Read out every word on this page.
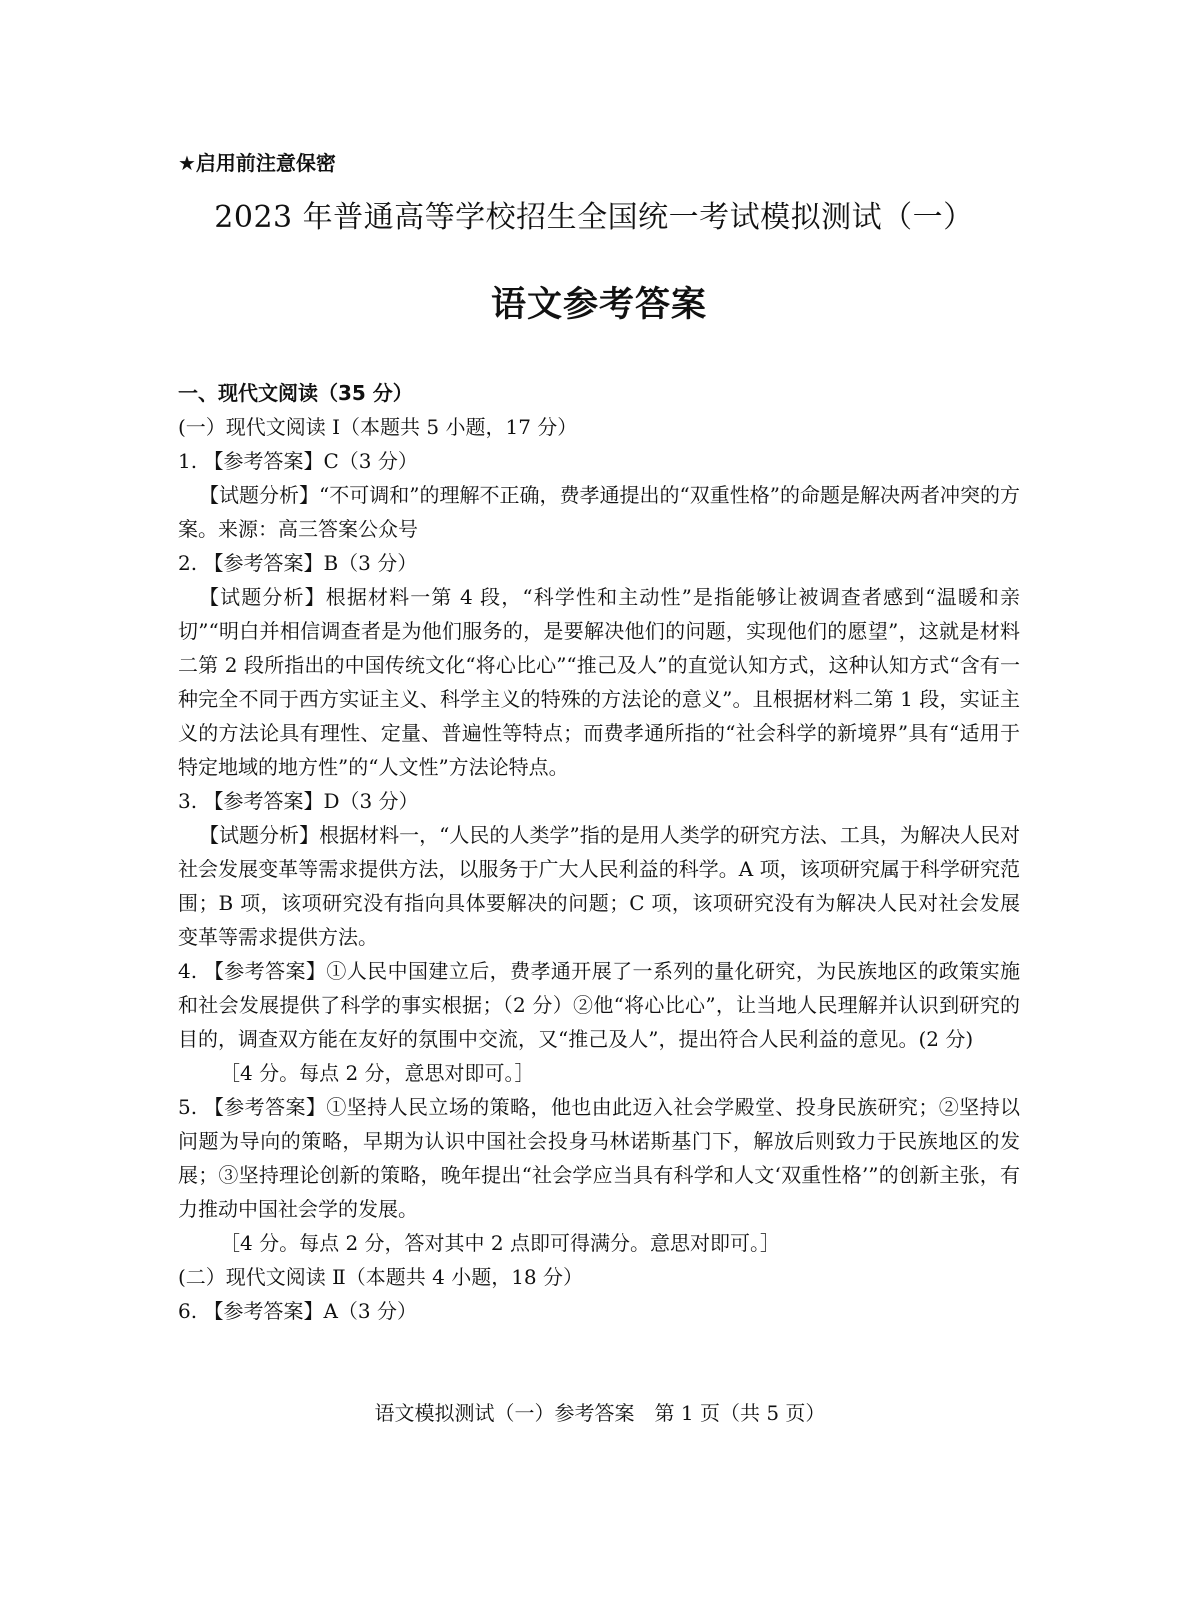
★启用前注意保密
2023 年普通高等学校招生全国统一考试模拟测试（一）
语文参考答案
一、现代文阅读（35 分）
(一）现代文阅读 Ⅰ（本题共 5 小题，17 分）
1. 【参考答案】C（3 分）
【试题分析】“不可调和”的理解不正确，费孝通提出的“双重性格”的命题是解决两者冲突的方案。来源：高三答案公众号
2. 【参考答案】B（3 分）
【试题分析】根据材料一第 4 段，“科学性和主动性”是指能够让被调查者感到“温暖和亲切”“明白并相信调查者是为他们服务的，是要解决他们的问题，实现他们的愿望”，这就是材料二第 2 段所指出的中国传统文化“将心比心”“推己及人”的直觉认知方式，这种认知方式“含有一种完全不同于西方实证主义、科学主义的特殊的方法论的意义”。且根据材料二第 1 段，实证主义的方法论具有理性、定量、普遍性等特点；而费孝通所指的“社会科学的新境界”具有“适用于特定地域的地方性”的“人文性”方法论特点。
3. 【参考答案】D（3 分）
【试题分析】根据材料一，“人民的人类学”指的是用人类学的研究方法、工具，为解决人民对社会发展变革等需求提供方法，以服务于广大人民利益的科学。A 项，该项研究属于科学研究范围；B 项，该项研究没有指向具体要解决的问题；C 项，该项研究没有为解决人民对社会发展变革等需求提供方法。
4. 【参考答案】①人民中国建立后，费孝通开展了一系列的量化研究，为民族地区的政策实施和社会发展提供了科学的事实根据；（2 分）②他“将心比心”，让当地人民理解并认识到研究的目的，调查双方能在友好的氛围中交流，又“推己及人”，提出符合人民利益的意见。(2 分)
［4 分。每点 2 分，意思对即可。］
5. 【参考答案】①坚持人民立场的策略，他也由此迈入社会学殿堂、投身民族研究；②坚持以问题为导向的策略，早期为认识中国社会投身马林诺斯基门下，解放后则致力于民族地区的发展；③坚持理论创新的策略，晚年提出“社会学应当具有科学和人文‘双重性格’”的创新主张，有力推动中国社会学的发展。
［4 分。每点 2 分，答对其中 2 点即可得满分。意思对即可。］
(二）现代文阅读 Ⅱ（本题共 4 小题，18 分）
6. 【参考答案】A（3 分）
语文模拟测试（一）参考答案　第 1 页（共 5 页）
